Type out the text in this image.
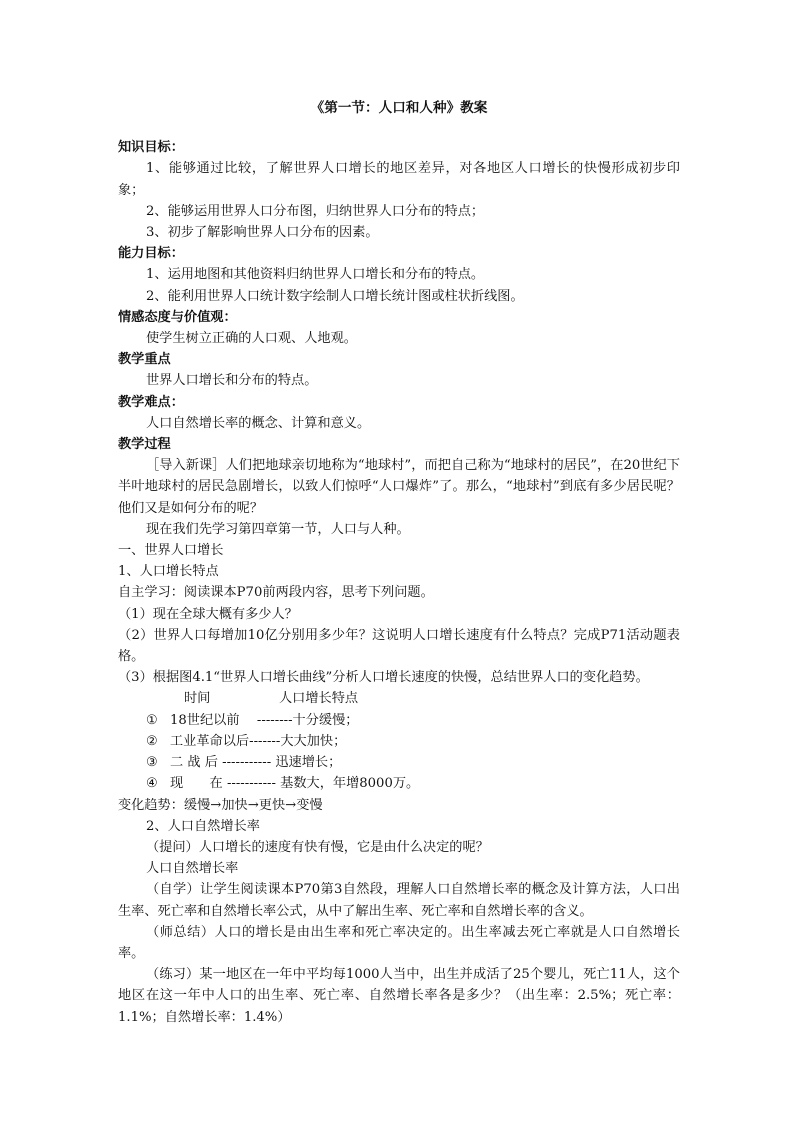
《第一节：人口和人种》教案
知识目标：

1、能够通过比较，了解世界人口增长的地区差异，对各地区人口增长的快慢形成初步印象；

2、能够运用世界人口分布图，归纳世界人口分布的特点；

3、初步了解影响世界人口分布的因素。

能力目标：

1、运用地图和其他资料归纳世界人口增长和分布的特点。

2、能利用世界人口统计数字绘制人口增长统计图或柱状折线图。

情感态度与价值观：

使学生树立正确的人口观、人地观。

教学重点

世界人口增长和分布的特点。

教学难点：

人口自然增长率的概念、计算和意义。

教学过程

［导入新课］人们把地球亲切地称为“地球村”，而把自己称为“地球村的居民”，在20世纪下半叶地球村的居民急剧增长，以致人们惊呼“人口爆炸”了。那么，“地球村”到底有多少居民呢？他们又是如何分布的呢？

现在我们先学习第四章第一节，人口与人种。

一、世界人口增长

1、人口增长特点

自主学习：阅读课本P70前两段内容，思考下列问题。

（1）现在全球大概有多少人？

（2）世界人口每增加10亿分别用多少年？这说明人口增长速度有什么特点？完成P71活动题表格。

（3）根据图4.1“世界人口增长曲线”分析人口增长速度的快慢，总结世界人口的变化趋势。

时间	人口增长特点
① 18世纪以前　 --------十分缓慢；
② 工业革命以后-------大大加快；
③ 二 战 后 ----------- 迅速增长；
④ 现　　在 ----------- 基数大，年增8000万。

变化趋势：缓慢→加快→更快→变慢

2、人口自然增长率

（提问）人口增长的速度有快有慢，它是由什么决定的呢？

人口自然增长率

（自学）让学生阅读课本P70第3自然段，理解人口自然增长率的概念及计算方法，人口出生率、死亡率和自然增长率公式，从中了解出生率、死亡率和自然增长率的含义。

（师总结）人口的增长是由出生率和死亡率决定的。出生率减去死亡率就是人口自然增长率。

（练习）某一地区在一年中平均每1000人当中，出生并成活了25个婴儿，死亡11人，这个地区在这一年中人口的出生率、死亡率、自然增长率各是多少？（出生率：2.5%；死亡率：1.1%；自然增长率：1.4%）
